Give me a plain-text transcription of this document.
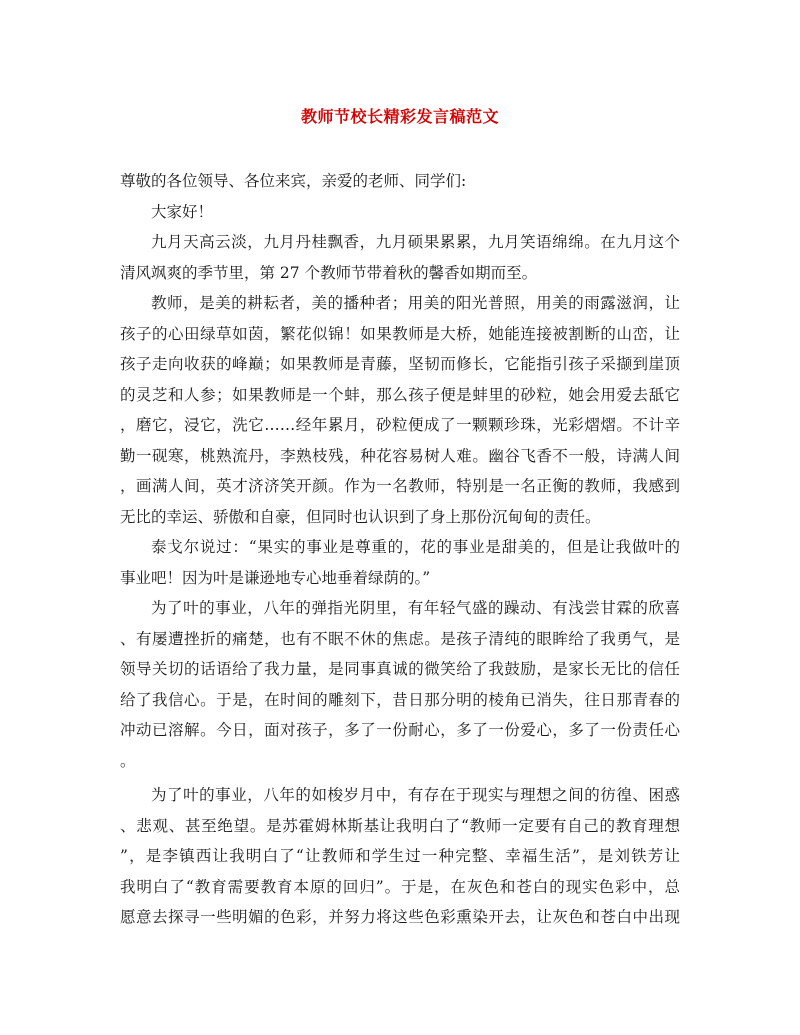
教师节校长精彩发言稿范文
尊敬的各位领导、各位来宾，亲爱的老师、同学们:
大家好！
九月天高云淡，九月丹桂飘香，九月硕果累累，九月笑语绵绵。在九月这个
清风飒爽的季节里，第 27 个教师节带着秋的馨香如期而至。
教师，是美的耕耘者，美的播种者；用美的阳光普照，用美的雨露滋润，让
孩子的心田绿草如茵，繁花似锦！如果教师是大桥，她能连接被割断的山峦，让
孩子走向收获的峰巅；如果教师是青藤，坚韧而修长，它能指引孩子采撷到崖顶
的灵芝和人参；如果教师是一个蚌，那么孩子便是蚌里的砂粒，她会用爱去舐它
，磨它，浸它，洗它……经年累月，砂粒便成了一颗颗珍珠，光彩熠熠。不计辛
勤一砚寒，桃熟流丹，李熟枝残，种花容易树人难。幽谷飞香不一般，诗满人间
，画满人间，英才济济笑开颜。作为一名教师，特别是一名正衡的教师，我感到
无比的幸运、骄傲和自豪，但同时也认识到了身上那份沉甸甸的责任。
泰戈尔说过：“果实的事业是尊重的，花的事业是甜美的，但是让我做叶的
事业吧！因为叶是谦逊地专心地垂着绿荫的。”
为了叶的事业，八年的弹指光阴里，有年轻气盛的躁动、有浅尝甘霖的欣喜
、有屡遭挫折的痛楚，也有不眠不休的焦虑。是孩子清纯的眼眸给了我勇气，是
领导关切的话语给了我力量，是同事真诚的微笑给了我鼓励，是家长无比的信任
给了我信心。于是，在时间的雕刻下，昔日那分明的棱角已消失，往日那青春的
冲动已溶解。今日，面对孩子，多了一份耐心，多了一份爱心，多了一份责任心
。
为了叶的事业，八年的如梭岁月中，有存在于现实与理想之间的彷徨、困惑
、悲观、甚至绝望。是苏霍姆林斯基让我明白了“教师一定要有自己的教育理想
”，是李镇西让我明白了“让教师和学生过一种完整、幸福生活”，是刘铁芳让
我明白了“教育需要教育本原的回归”。于是，在灰色和苍白的现实色彩中，总
愿意去探寻一些明媚的色彩，并努力将这些色彩熏染开去，让灰色和苍白中出现
